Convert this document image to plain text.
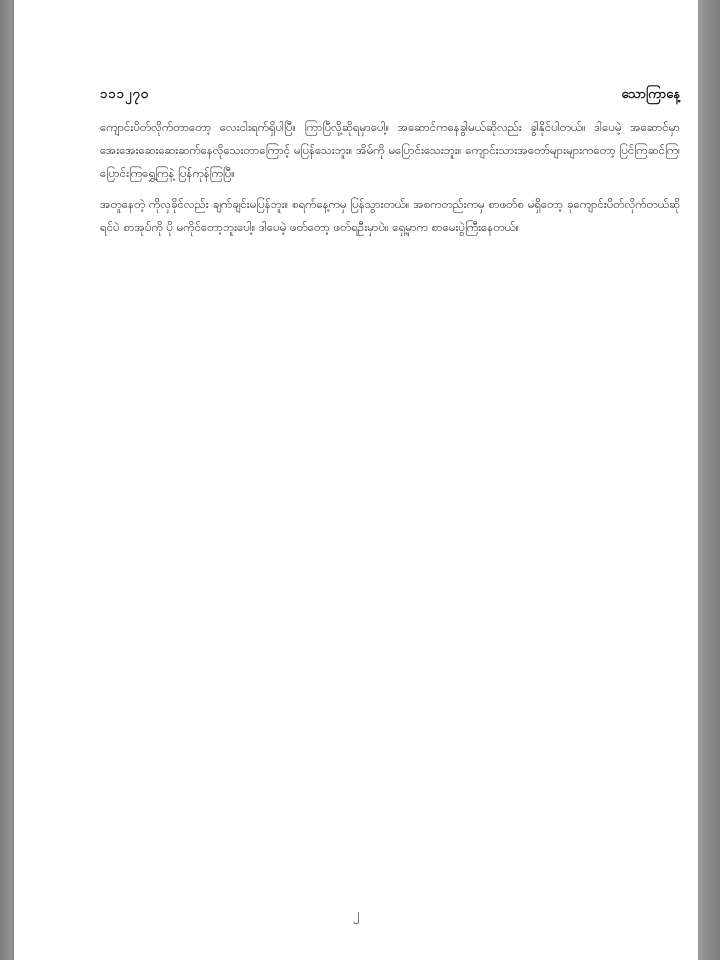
၁၁၁၂၇၀	သောကြာနေ့

ကျောင်းပိတ်လိုက်တာတော့ လေးငါးရက်ရှိပါပြီ။ ကြာပြီလို့ဆိုရမှာပေါ့။ အဆောင်ကနေခွါမယ်ဆိုလည်း ခွါနိုင်ပါတယ်။ ဒါပေမဲ့ အဆောင်မှာ အေးအေးဆေးဆေးဆက်နေလိုသေးတာကြောင့် မပြန်သေးဘူး။ အိမ်ကို မပြောင်းသေးဘူး။ ကျောင်းသားအတော်များများကတော့ ပြင်ကြဆင်ကြ၊ ပြောင်းကြရွှေ့ကြနဲ့ ပြန်ကုန်ကြပြီ။

အတူနေတဲ့ ကိုလှခိုင်လည်း ချက်ချင်းမပြန်ဘူး။ စရက်နေ့ကမှ ပြန်သွားတယ်။ အစကတည်းကမှ စာဖတ်စ မရှိတော့ ခုကျောင်းပိတ်လိုက်တယ်ဆိုရင်ပဲ စာအုပ်ကို ပို မကိုင်တော့ဘူးပေါ့။ ဒါပေမဲ့ ဖတ်တော့ ဖတ်ရဦးမှာပဲ။ ရှေ့မှာက စာမေးပွဲကြီးနေတယ်။

၂
